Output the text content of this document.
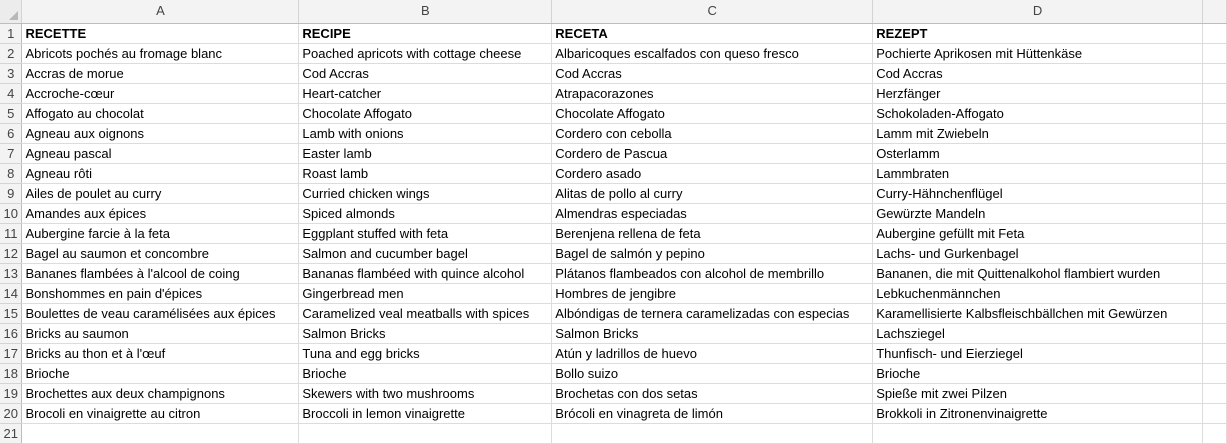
	A	B	C	D	
1	RECETTE	RECIPE	RECETA	REZEPT	
2	Abricots pochés au fromage blanc	Poached apricots with cottage cheese	Albaricoques escalfados con queso fresco	Pochierte Aprikosen mit Hüttenkäse	
3	Accras de morue	Cod Accras	Cod Accras	Cod Accras	
4	Accroche-cœur	Heart-catcher	Atrapacorazones	Herzfänger	
5	Affogato au chocolat	Chocolate Affogato	Chocolate Affogato	Schokoladen-Affogato	
6	Agneau aux oignons	Lamb with onions	Cordero con cebolla	Lamm mit Zwiebeln	
7	Agneau pascal	Easter lamb	Cordero de Pascua	Osterlamm	
8	Agneau rôti	Roast lamb	Cordero asado	Lammbraten	
9	Ailes de poulet au curry	Curried chicken wings	Alitas de pollo al curry	Curry-Hähnchenflügel	
10	Amandes aux épices	Spiced almonds	Almendras especiadas	Gewürzte Mandeln	
11	Aubergine farcie à la feta	Eggplant stuffed with feta	Berenjena rellena de feta	Aubergine gefüllt mit Feta	
12	Bagel au saumon et concombre	Salmon and cucumber bagel	Bagel de salmón y pepino	Lachs- und Gurkenbagel	
13	Bananes flambées à l'alcool de coing	Bananas flambéed with quince alcohol	Plátanos flambeados con alcohol de membrillo	Bananen, die mit Quittenalkohol flambiert wurden	
14	Bonshommes en pain d'épices	Gingerbread men	Hombres de jengibre	Lebkuchenmännchen	
15	Boulettes de veau caramélisées aux épices	Caramelized veal meatballs with spices	Albóndigas de ternera caramelizadas con especias	Karamellisierte Kalbsfleischbällchen mit Gewürzen	
16	Bricks au saumon	Salmon Bricks	Salmon Bricks	Lachsziegel	
17	Bricks au thon et à l'œuf	Tuna and egg bricks	Atún y ladrillos de huevo	Thunfisch- und Eierziegel	
18	Brioche	Brioche	Bollo suizo	Brioche	
19	Brochettes aux deux champignons	Skewers with two mushrooms	Brochetas con dos setas	Spieße mit zwei Pilzen	
20	Brocoli en vinaigrette au citron	Broccoli in lemon vinaigrette	Brócoli en vinagreta de limón	Brokkoli in Zitronenvinaigrette	
21					
